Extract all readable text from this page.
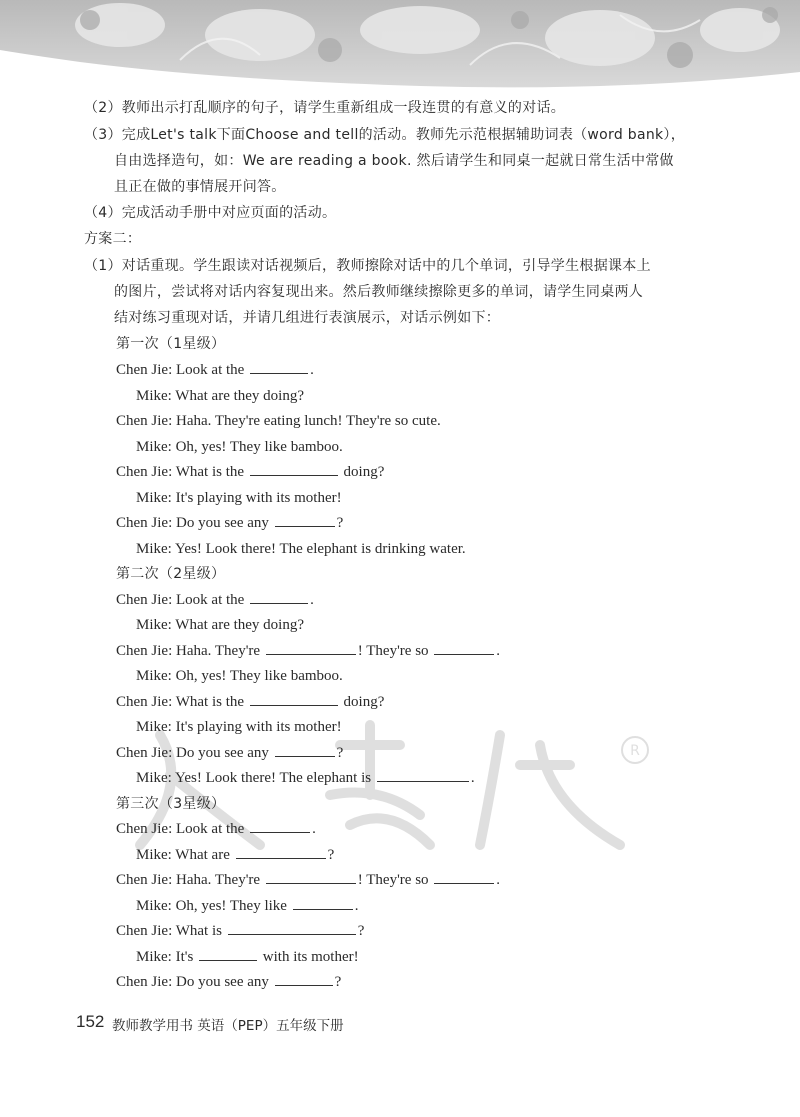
R
（2）教师出示打乱顺序的句子，请学生重新组成一段连贯的有意义的对话。
（3）完成Let's talk下面Choose and tell的活动。教师先示范根据辅助词表（word bank），
自由选择造句，如：We are reading a book. 然后请学生和同桌一起就日常生活中常做
且正在做的事情展开问答。
（4）完成活动手册中对应页面的活动。
方案二：
（1）对话重现。学生跟读对话视频后，教师擦除对话中的几个单词，引导学生根据课本上
的图片，尝试将对话内容复现出来。然后教师继续擦除更多的单词，请学生同桌两人
结对练习重现对话，并请几组进行表演展示，对话示例如下：
第一次（1星级）
Chen Jie: Look at the	.
Mike: What are they doing?
Chen Jie: Haha. They're eating lunch! They're so cute.
Mike: Oh, yes! They like bamboo.
Chen Jie: What is the	doing?
Mike: It's playing with its mother!
Chen Jie: Do you see any	?
Mike: Yes! Look there! The elephant is drinking water.
第二次（2星级）
Chen Jie: Look at the	.
Mike: What are they doing?
Chen Jie: Haha. They're	! They're so	.
Mike: Oh, yes! They like bamboo.
Chen Jie: What is the	doing?
Mike: It's playing with its mother!
Chen Jie: Do you see any	?
Mike: Yes! Look there! The elephant is	.
第三次（3星级）
Chen Jie: Look at the	.
Mike: What are	?
Chen Jie: Haha. They're	! They're so	.
Mike: Oh, yes! They like	.
Chen Jie: What is	?
Mike: It's	with its mother!
Chen Jie: Do you see any	?
152 教师教学用书 英语（PEP）五年级下册
